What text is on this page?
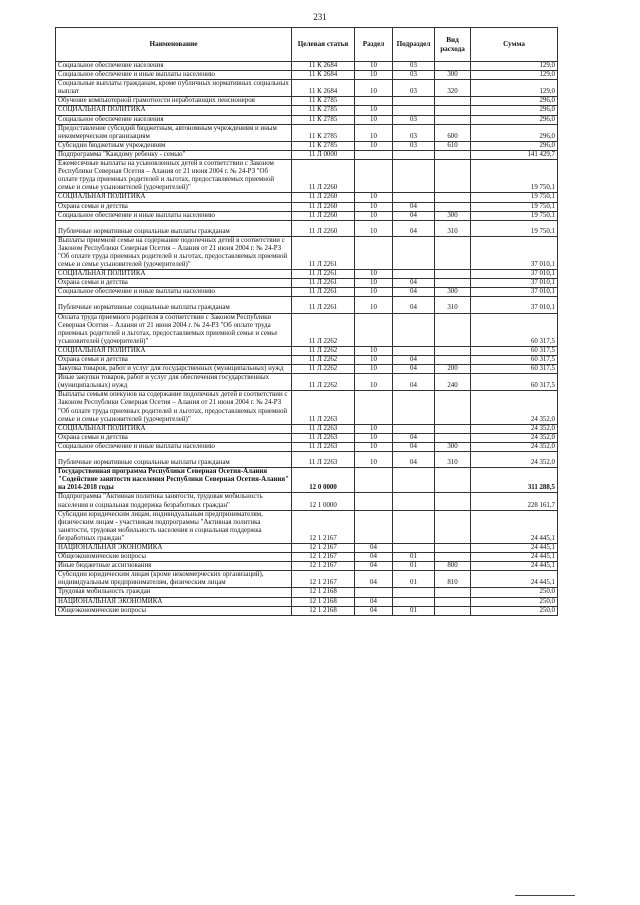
231
Наименование	Целевая статья	Раздел	Подраздел	Вид расхода	Сумма
Социальное обеспечение населения	11 К 2684	10	03		129,0
Социальное обеспечение и иные выплаты населению	11 К 2684	10	03	300	129,0
Социальные выплаты гражданам, кроме публичных нормативных социальных выплат	11 К 2684	10	03	320	129,0
Обучение компьютерной грамотности неработающих пенсионеров	11 К 2785				296,0
СОЦИАЛЬНАЯ ПОЛИТИКА	11 К 2785	10			296,0
Социальное обеспечение населения	11 К 2785	10	03		296,0
Предоставление субсидий бюджетным, автономным учреждениям и иным некоммерческим организациям	11 К 2785	10	03	600	296,0
Субсидии бюджетным учреждениям	11 К 2785	10	03	610	296,0
Подпрограмма "Каждому ребенку - семью"	11 Л 0000				141 429,7
Ежемесячные выплаты на усыновленных детей в соответствии с Законом Республики Северная Осетия – Алания от 21 июня 2004 г. № 24-РЗ "Об оплате труда приемных родителей и льготах, предоставляемых приемной семье и семье усыновителей (удочерителей)"	11 Л 2260				19 750,1
СОЦИАЛЬНАЯ ПОЛИТИКА	11 Л 2260	10			19 750,1
Охрана семьи и детства	11 Л 2260	10	04		19 750,1
Социальное обеспечение и иные выплаты населению	11 Л 2260	10	04	300	19 750,1
Публичные нормативные социальные выплаты гражданам	11 Л 2260	10	04	310	19 750,1
Выплаты приемной семье на содержание подопечных детей в соответствии с Законом Республики Северная Осетия – Алания от 21 июня 2004 г. № 24-РЗ "Об оплате труда приемных родителей и льготах, предоставляемых приемной семье и семье усыновителей (удочерителей)"	11 Л 2261				37 010,1
СОЦИАЛЬНАЯ ПОЛИТИКА	11 Л 2261	10			37 010,1
Охрана семьи и детства	11 Л 2261	10	04		37 010,1
Социальное обеспечение и иные выплаты населению	11 Л 2261	10	04	300	37 010,1
Публичные нормативные социальные выплаты гражданам	11 Л 2261	10	04	310	37 010,1
Оплата труда приемного родителя в соответствии с Законом Республики Северная Осетия – Алания от 21 июня 2004 г. № 24-РЗ "Об оплате труда приемных родителей и льготах, предоставляемых приемной семье и семье усыновителей (удочерителей)"	11 Л 2262				60 317,5
СОЦИАЛЬНАЯ ПОЛИТИКА	11 Л 2262	10			60 317,5
Охрана семьи и детства	11 Л 2262	10	04		60 317,5
Закупка товаров, работ и услуг для государственных (муниципальных) нужд	11 Л 2262	10	04	200	60 317,5
Иные закупки товаров, работ и услуг для обеспечения государственных (муниципальных) нужд	11 Л 2262	10	04	240	60 317,5
Выплаты семьям опекунов на содержание подопечных детей в соответствии с Законом Республики Северная Осетия – Алания от 21 июня 2004 г. № 24-РЗ "Об оплате труда приемных родителей и льготах, предоставляемых приемной семье и семье усыновителей (удочерителей)"	11 Л 2263				24 352,0
СОЦИАЛЬНАЯ ПОЛИТИКА	11 Л 2263	10			24 352,0
Охрана семьи и детства	11 Л 2263	10	04		24 352,0
Социальное обеспечение и иные выплаты населению	11 Л 2263	10	04	300	24 352,0
Публичные нормативные социальные выплаты гражданам	11 Л 2263	10	04	310	24 352,0
Государственная программа Республики Северная Осетия-Алания "Содействие занятости населения Республики Северная Осетия-Алания" на 2014-2018 годы	12 0 0000				311 288,5
Подпрограмма "Активная политика занятости, трудовая мобильность населения и социальная поддержка безработных граждан"	12 1 0000				228 161,7
Субсидии юридическим лицам, индивидуальным предпринимателям, физическим лицам - участникам подпрограммы "Активная политика занятости, трудовая мобильность населения и социальная поддержка безработных граждан"	12 1 2167				24 445,1
НАЦИОНАЛЬНАЯ ЭКОНОМИКА	12 1 2167	04			24 445,1
Общеэкономические вопросы	12 1 2167	04	01		24 445,1
Иные бюджетные ассигнования	12 1 2167	04	01	800	24 445,1
Субсидии юридическим лицам (кроме некоммерческих организаций), индивидуальным предпринимателям, физическим лицам	12 1 2167	04	01	810	24 445,1
Трудовая мобильность граждан	12 1 2168				250,0
НАЦИОНАЛЬНАЯ ЭКОНОМИКА	12 1 2168	04			250,0
Общеэкономические вопросы	12 1 2168	04	01		250,0
